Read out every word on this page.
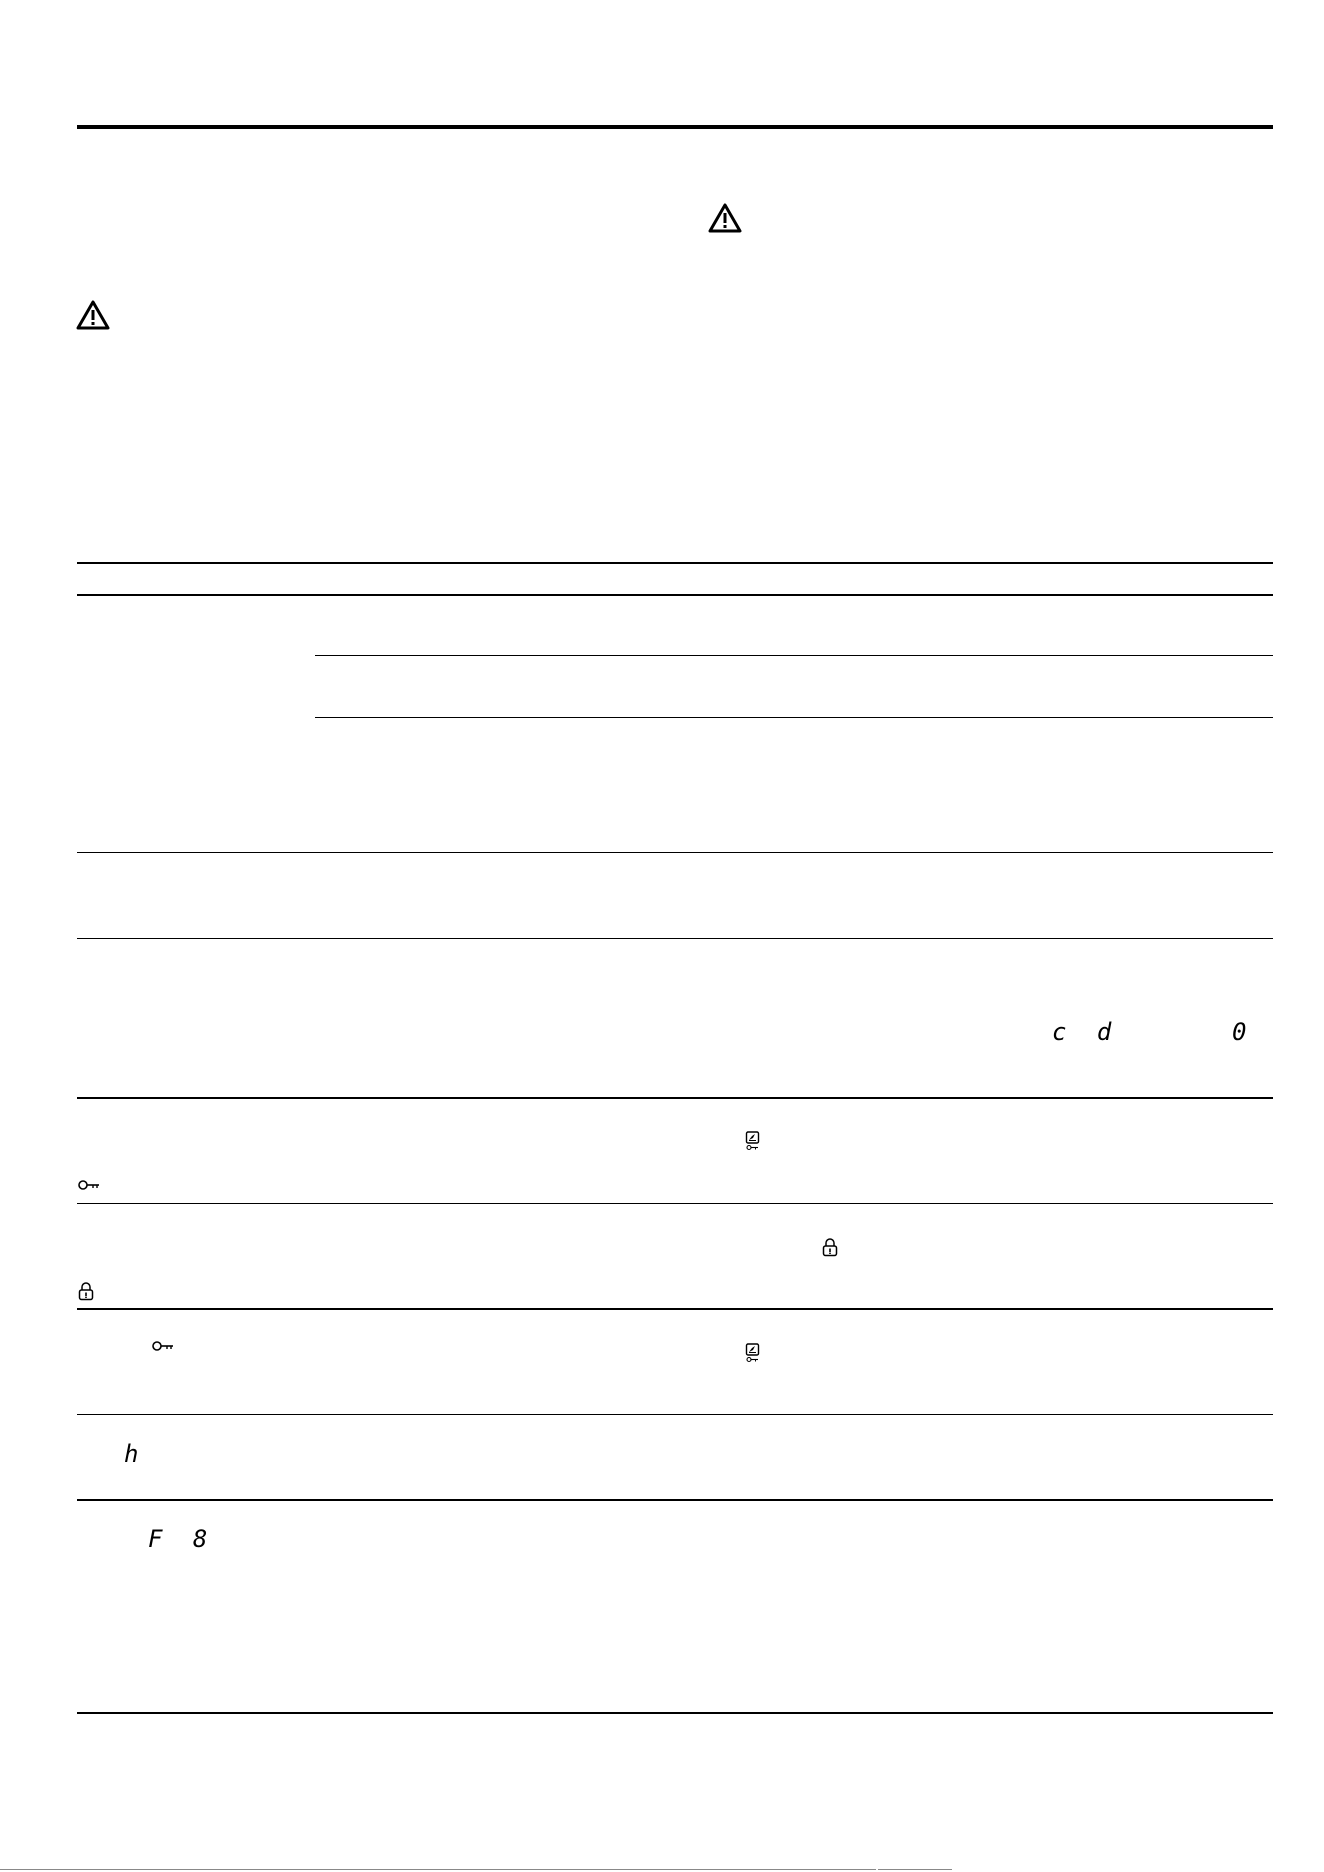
c d	0
h
F 8
